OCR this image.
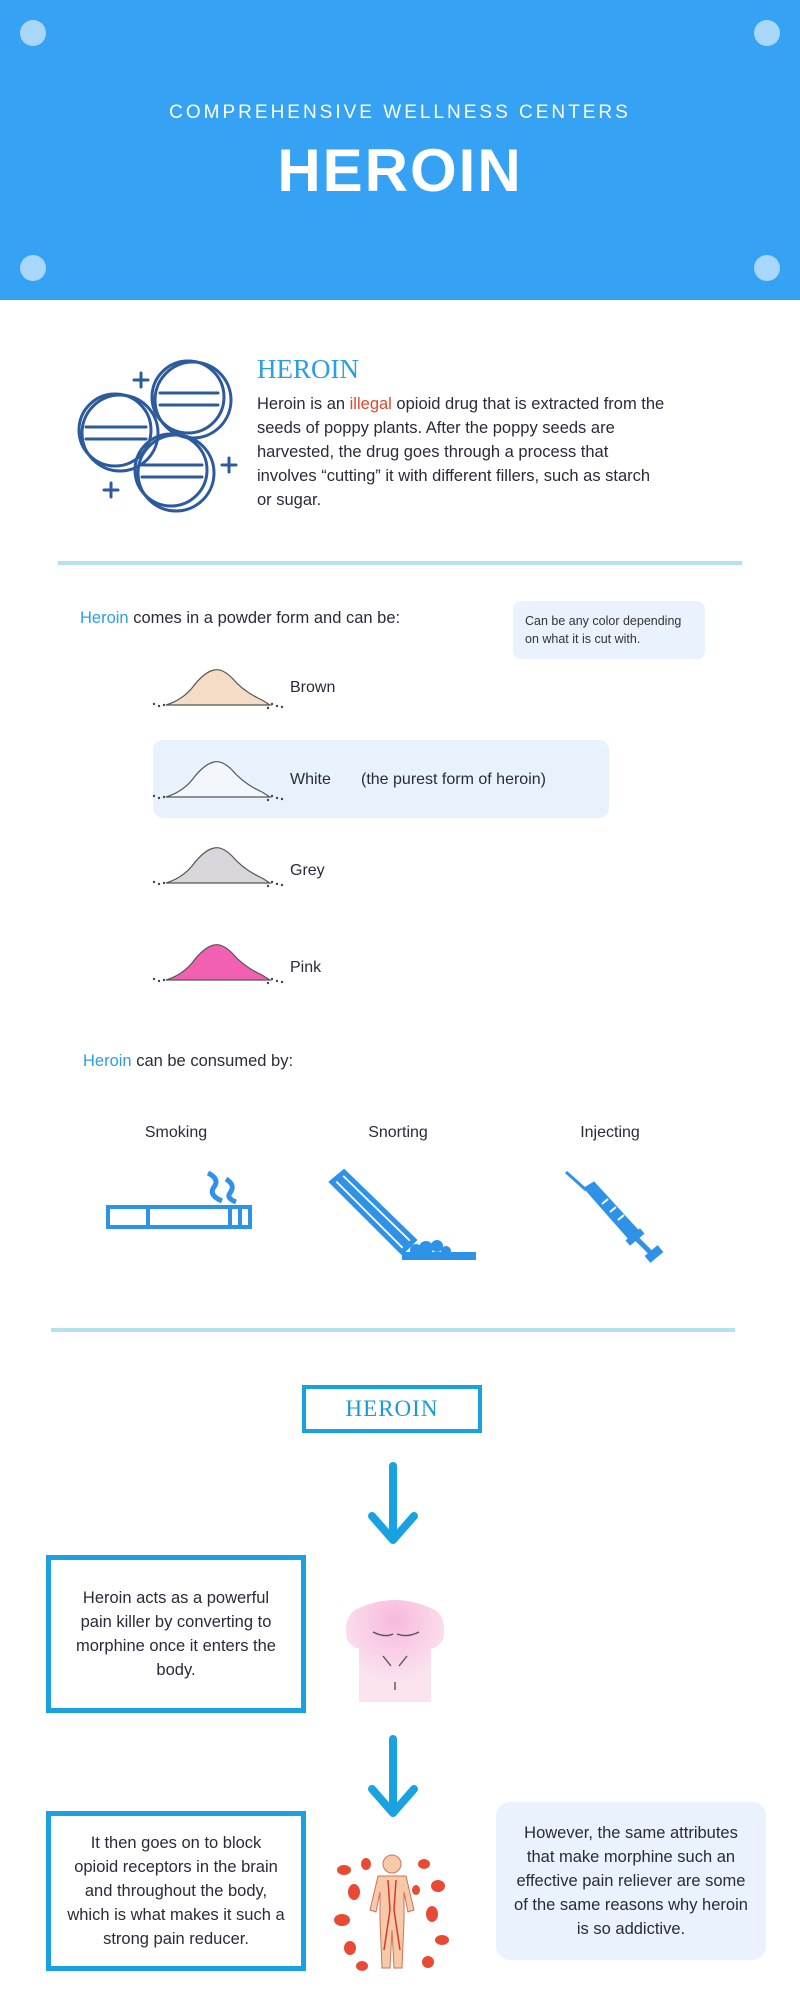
COMPREHENSIVE WELLNESS CENTERS
HEROIN
HEROIN
Heroin is an illegal opioid drug that is extracted from the seeds of poppy plants. After the poppy seeds are harvested, the drug goes through a process that involves “cutting” it with different fillers, such as starch or sugar.
Heroin comes in a powder form and can be:	Can be any color depending on what it is cut with.
Brown
White (the purest form of heroin)
Grey
Pink
Heroin can be consumed by:
Smoking	Snorting	Injecting
HEROIN
Heroin acts as a powerful pain killer by converting to morphine once it enters the body.
It then goes on to block opioid receptors in the brain and throughout the body, which is what makes it such a strong pain reducer.
However, the same attributes that make morphine such an effective pain reliever are some of the same reasons why heroin is so addictive.
